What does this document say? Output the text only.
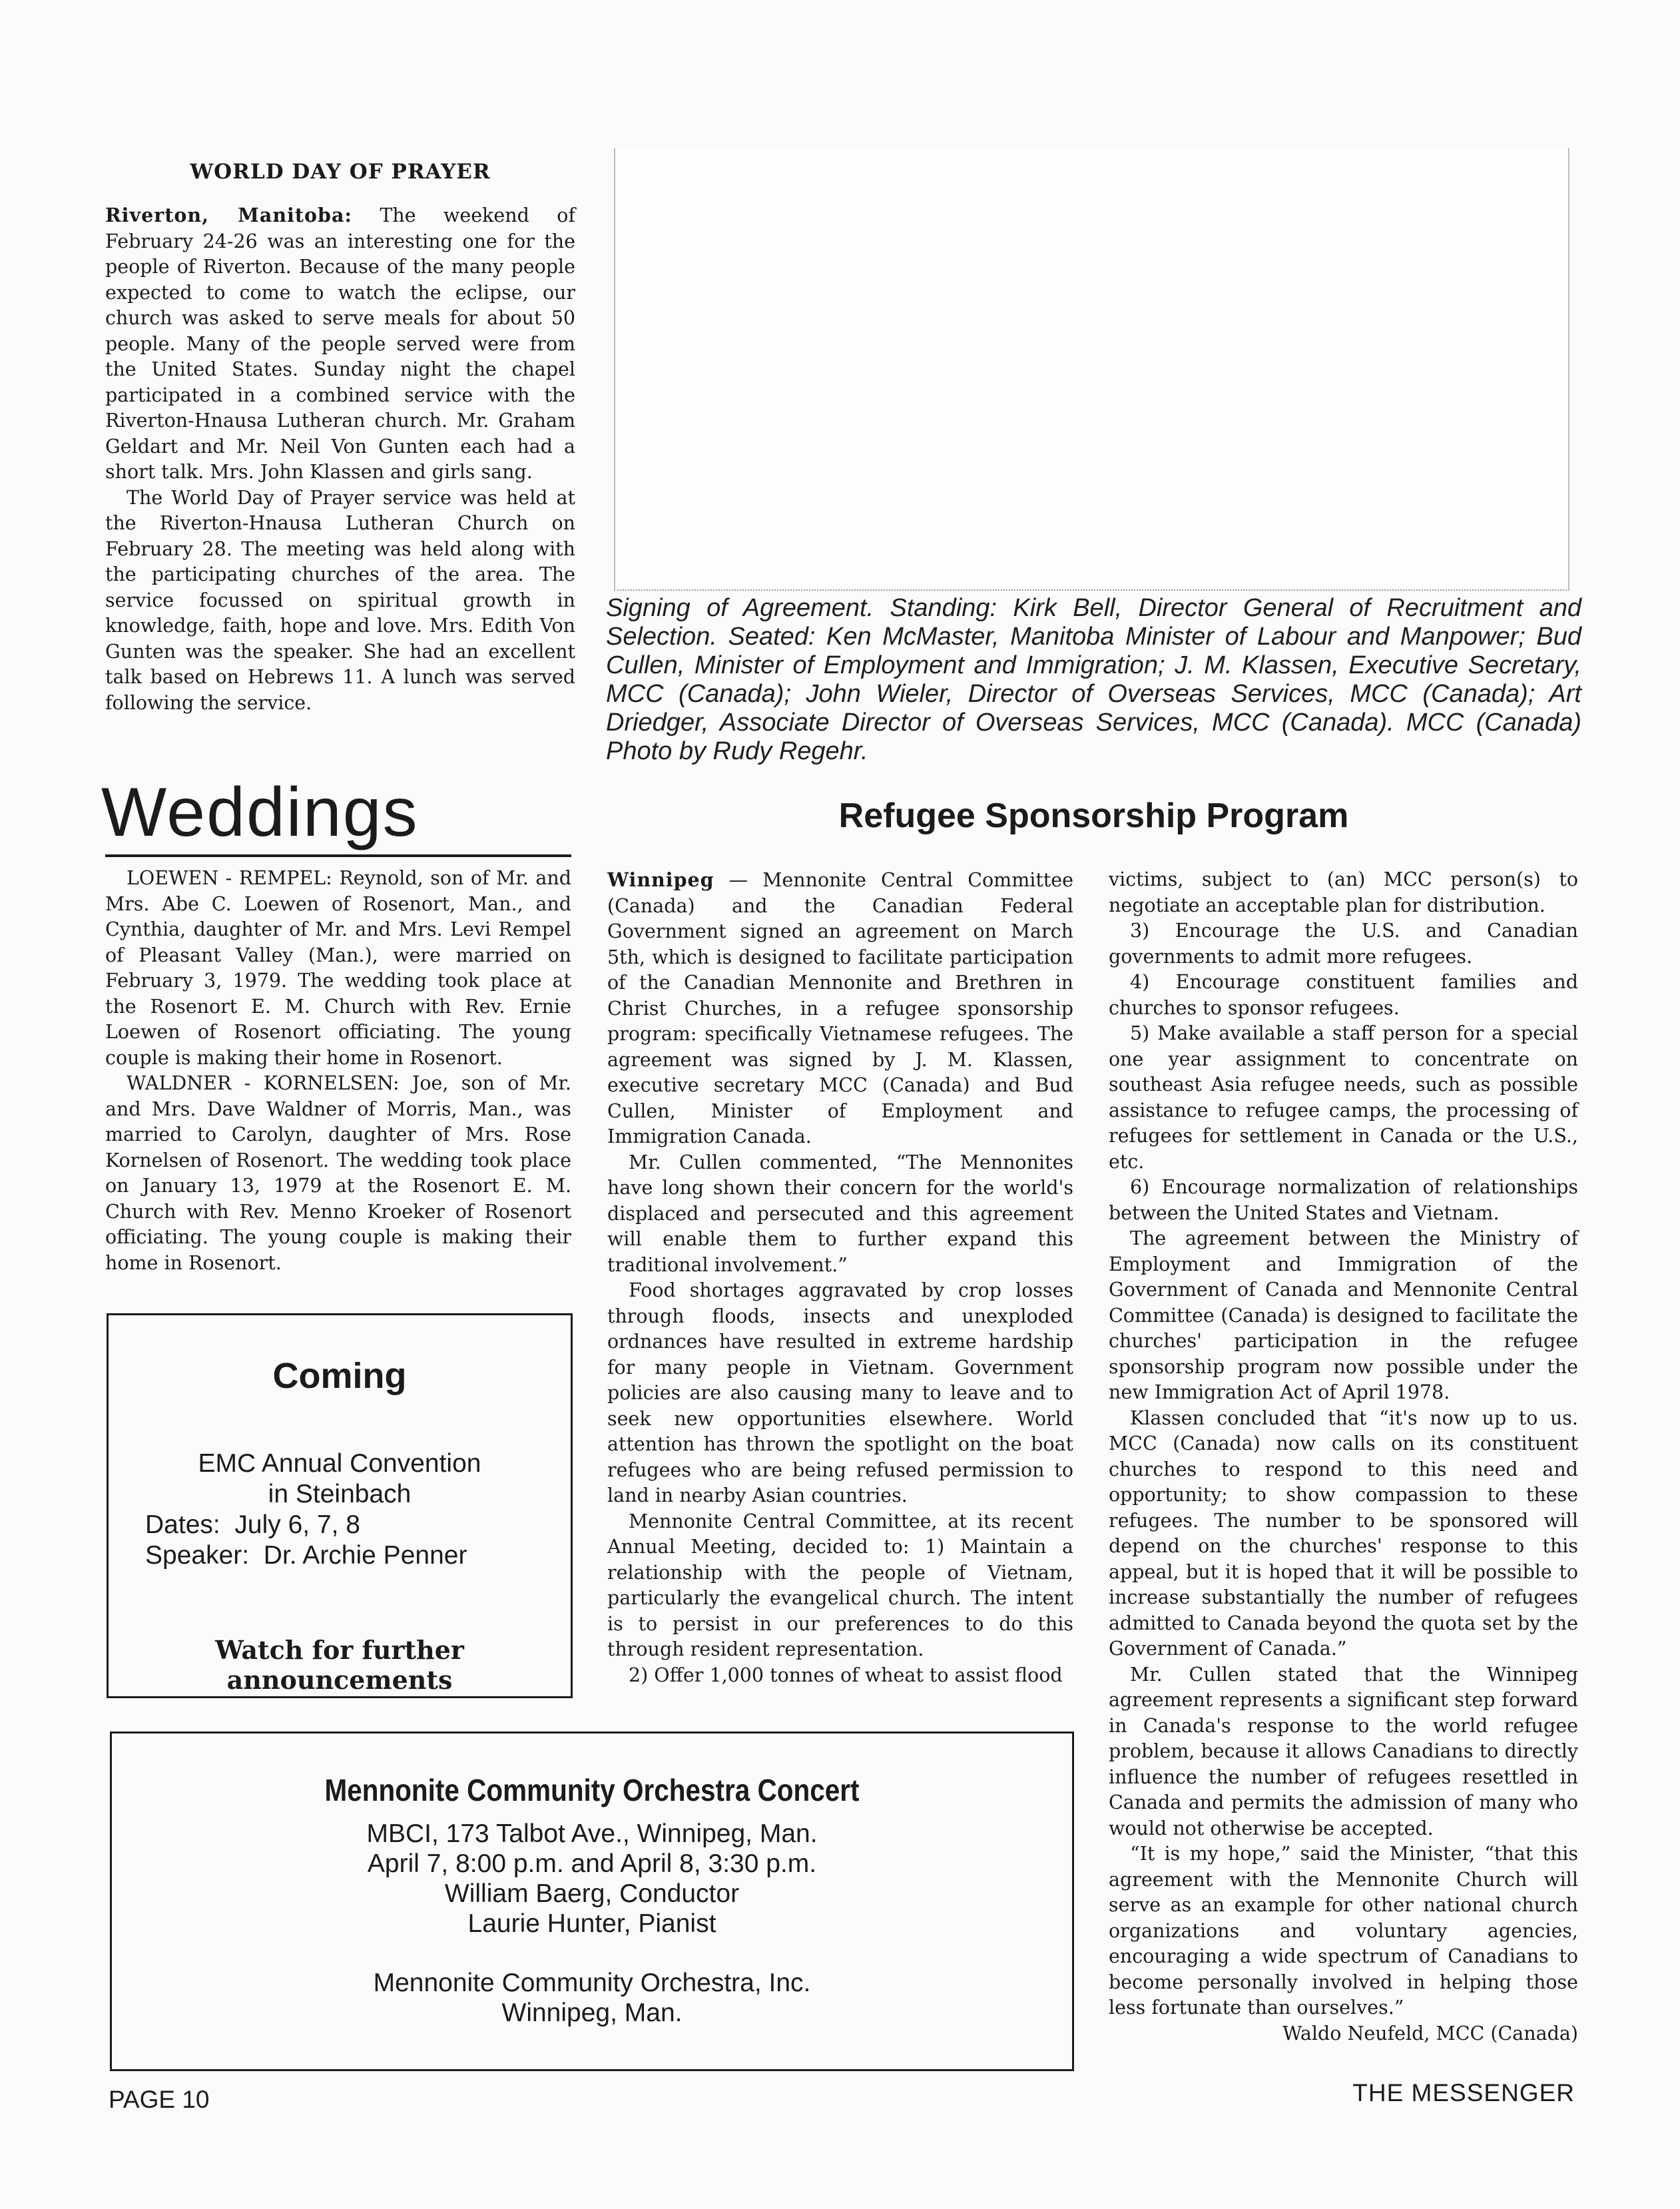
WORLD DAY OF PRAYER

Riverton, Manitoba: The weekend of February 24-26 was an interesting one for the people of Riverton. Because of the many people expected to come to watch the eclipse, our church was asked to serve meals for about 50 people. Many of the people served were from the United States. Sunday night the chapel participated in a combined service with the Riverton-Hnausa Lutheran church. Mr. Graham Geldart and Mr. Neil Von Gunten each had a short talk. Mrs. John Klassen and girls sang.

The World Day of Prayer service was held at the Riverton-Hnausa Lutheran Church on February 28. The meeting was held along with the participating churches of the area. The service focussed on spiritual growth in knowledge, faith, hope and love. Mrs. Edith Von Gunten was the speaker. She had an excellent talk based on Hebrews 11. A lunch was served following the service.

Signing of Agreement. Standing: Kirk Bell, Director General of Recruitment and Selection. Seated: Ken McMaster, Manitoba Minister of Labour and Manpower; Bud Cullen, Minister of Employment and Immigration; J. M. Klassen, Executive Secretary, MCC (Canada); John Wieler, Director of Overseas Services, MCC (Canada); Art Driedger, Associate Director of Overseas Services, MCC (Canada). MCC (Canada) Photo by Rudy Regehr.
Weddings

LOEWEN - REMPEL: Reynold, son of Mr. and Mrs. Abe C. Loewen of Rosenort, Man., and Cynthia, daughter of Mr. and Mrs. Levi Rempel of Pleasant Valley (Man.), were married on February 3, 1979. The wedding took place at the Rosenort E. M. Church with Rev. Ernie Loewen of Rosenort officiating. The young couple is making their home in Rosenort.

WALDNER - KORNELSEN: Joe, son of Mr. and Mrs. Dave Waldner of Morris, Man., was married to Carolyn, daughter of Mrs. Rose Kornelsen of Rosenort. The wedding took place on January 13, 1979 at the Rosenort E. M. Church with Rev. Menno Kroeker of Rosenort officiating. The young couple is making their home in Rosenort.

Coming
EMC Annual Convention
in Steinbach
Dates: July 6, 7, 8
Speaker: Dr. Archie Penner
Watch for further announcements
Mennonite Community Orchestra Concert
MBCI, 173 Talbot Ave., Winnipeg, Man.
April 7, 8:00 p.m. and April 8, 3:30 p.m.
William Baerg, Conductor
Laurie Hunter, Pianist
Mennonite Community Orchestra, Inc.
Winnipeg, Man.
Refugee Sponsorship Program

Winnipeg — Mennonite Central Committee (Canada) and the Canadian Federal Government signed an agreement on March 5th, which is designed to facilitate participation of the Canadian Mennonite and Brethren in Christ Churches, in a refugee sponsorship program: specifically Vietnamese refugees. The agreement was signed by J. M. Klassen, executive secretary MCC (Canada) and Bud Cullen, Minister of Employment and Immigration Canada.

Mr. Cullen commented, “The Mennonites have long shown their concern for the world's displaced and persecuted and this agreement will enable them to further expand this traditional involvement.”

Food shortages aggravated by crop losses through floods, insects and unexploded ordnances have resulted in extreme hardship for many people in Vietnam. Government policies are also causing many to leave and to seek new opportunities elsewhere. World attention has thrown the spotlight on the boat refugees who are being refused permission to land in nearby Asian countries.

Mennonite Central Committee, at its recent Annual Meeting, decided to: 1) Maintain a relationship with the people of Vietnam, particularly the evangelical church. The intent is to persist in our preferences to do this through resident representation.

2) Offer 1,000 tonnes of wheat to assist flood

victims, subject to (an) MCC person(s) to negotiate an acceptable plan for distribution.

3) Encourage the U.S. and Canadian governments to admit more refugees.

4) Encourage constituent families and churches to sponsor refugees.

5) Make available a staff person for a special one year assignment to concentrate on southeast Asia refugee needs, such as possible assistance to refugee camps, the processing of refugees for settlement in Canada or the U.S., etc.

6) Encourage normalization of relationships between the United States and Vietnam.

The agreement between the Ministry of Employment and Immigration of the Government of Canada and Mennonite Central Committee (Canada) is designed to facilitate the churches' participation in the refugee sponsorship program now possible under the new Immigration Act of April 1978.

Klassen concluded that “it's now up to us. MCC (Canada) now calls on its constituent churches to respond to this need and opportunity; to show compassion to these refugees. The number to be sponsored will depend on the churches' response to this appeal, but it is hoped that it will be possible to increase substantially the number of refugees admitted to Canada beyond the quota set by the Government of Canada.”

Mr. Cullen stated that the Winnipeg agreement represents a significant step forward in Canada's response to the world refugee problem, because it allows Canadians to directly influence the number of refugees resettled in Canada and permits the admission of many who would not otherwise be accepted.

“It is my hope,” said the Minister, “that this agreement with the Mennonite Church will serve as an example for other national church organizations and voluntary agencies, encouraging a wide spectrum of Canadians to become personally involved in helping those less fortunate than ourselves.”

Waldo Neufeld, MCC (Canada)

PAGE 10	THE MESSENGER
